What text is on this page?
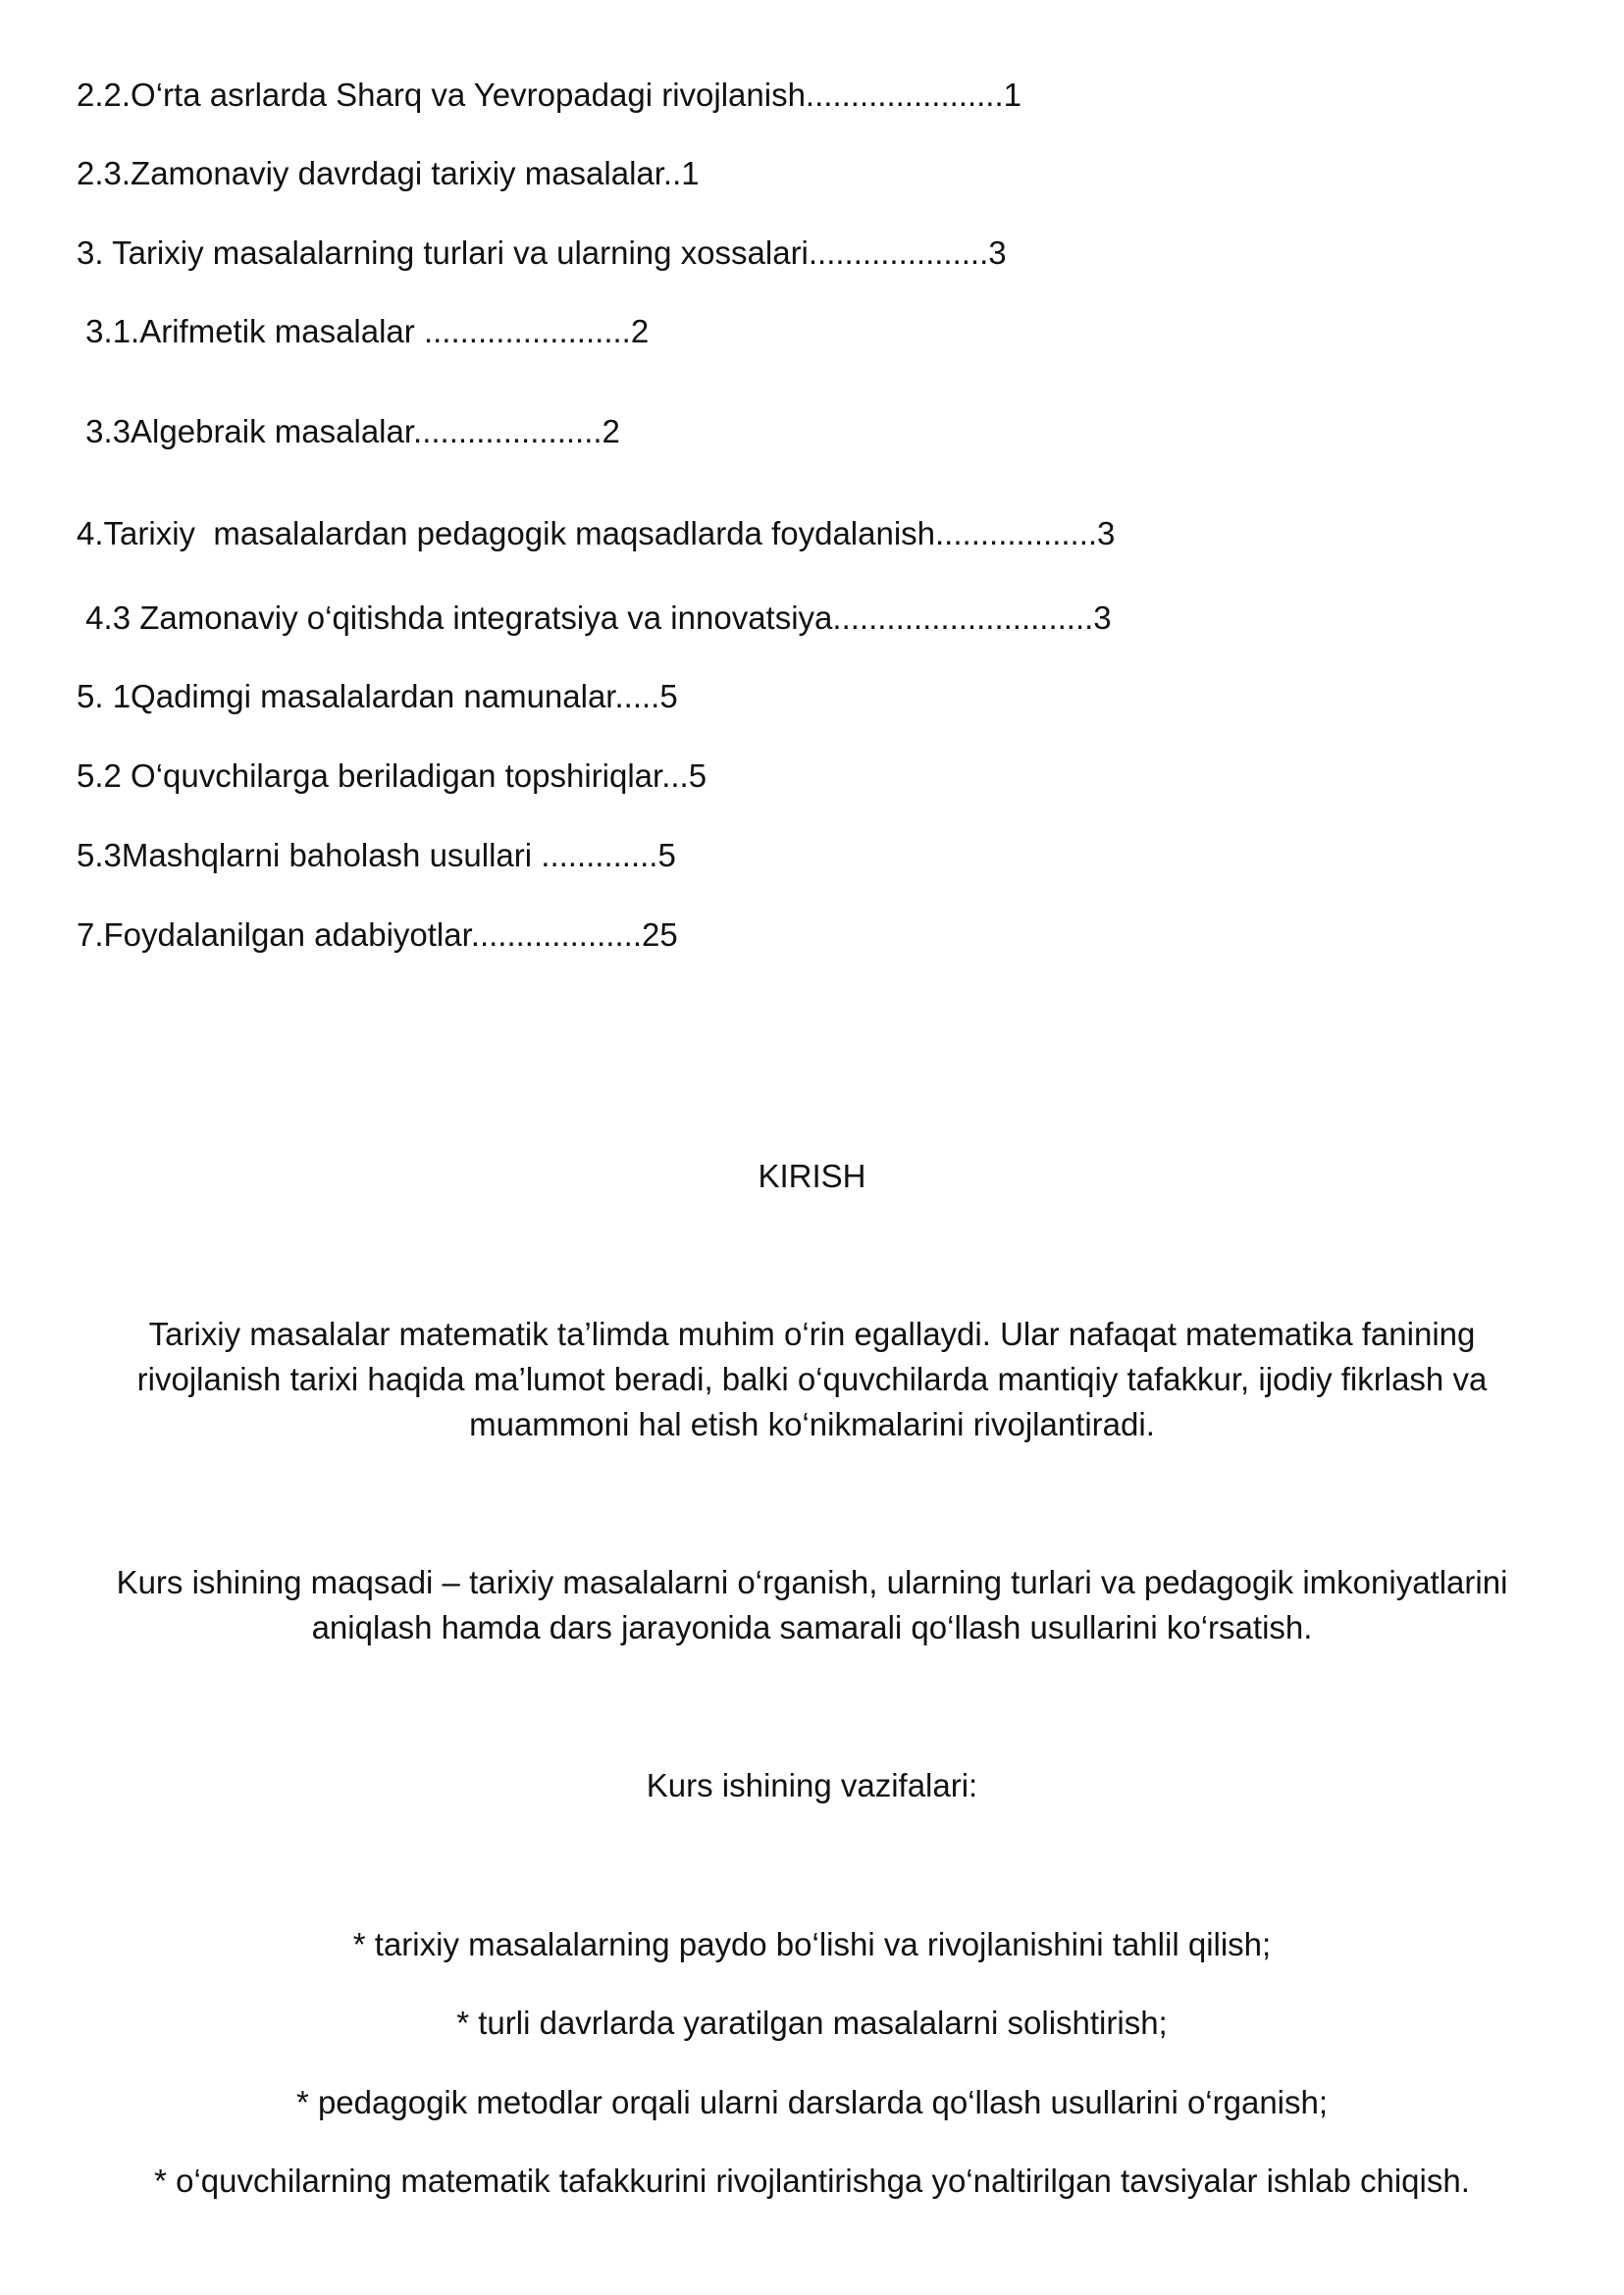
2.2.O‘rta asrlarda Sharq va Yevropadagi rivojlanish......................1
2.3.Zamonaviy davrdagi tarixiy masalalar..1
3. Tarixiy masalalarning turlari va ularning xossalari....................3
3.1.Arifmetik masalalar .......................2
3.3Algebraik masalalar.....................2
4.Tarixiy  masalalardan pedagogik maqsadlarda foydalanish..................3
4.3 Zamonaviy o‘qitishda integratsiya va innovatsiya.............................3
5. 1Qadimgi masalalardan namunalar.....5
5.2 O‘quvchilarga beriladigan topshiriqlar...5
5.3Mashqlarni baholash usullari .............5
7.Foydalanilgan adabiyotlar...................25
KIRISH
Tarixiy masalalar matematik ta’limda muhim o‘rin egallaydi. Ular nafaqat matematika fanining rivojlanish tarixi haqida ma’lumot beradi, balki o‘quvchilarda mantiqiy tafakkur, ijodiy fikrlash va muammoni hal etish ko‘nikmalarini rivojlantiradi.
Kurs ishining maqsadi – tarixiy masalalarni o‘rganish, ularning turlari va pedagogik imkoniyatlarini aniqlash hamda dars jarayonida samarali qo‘llash usullarini ko‘rsatish.
Kurs ishining vazifalari:
* tarixiy masalalarning paydo bo‘lishi va rivojlanishini tahlil qilish;
* turli davrlarda yaratilgan masalalarni solishtirish;
* pedagogik metodlar orqali ularni darslarda qo‘llash usullarini o‘rganish;
* o‘quvchilarning matematik tafakkurini rivojlantirishga yo‘naltirilgan tavsiyalar ishlab chiqish.
